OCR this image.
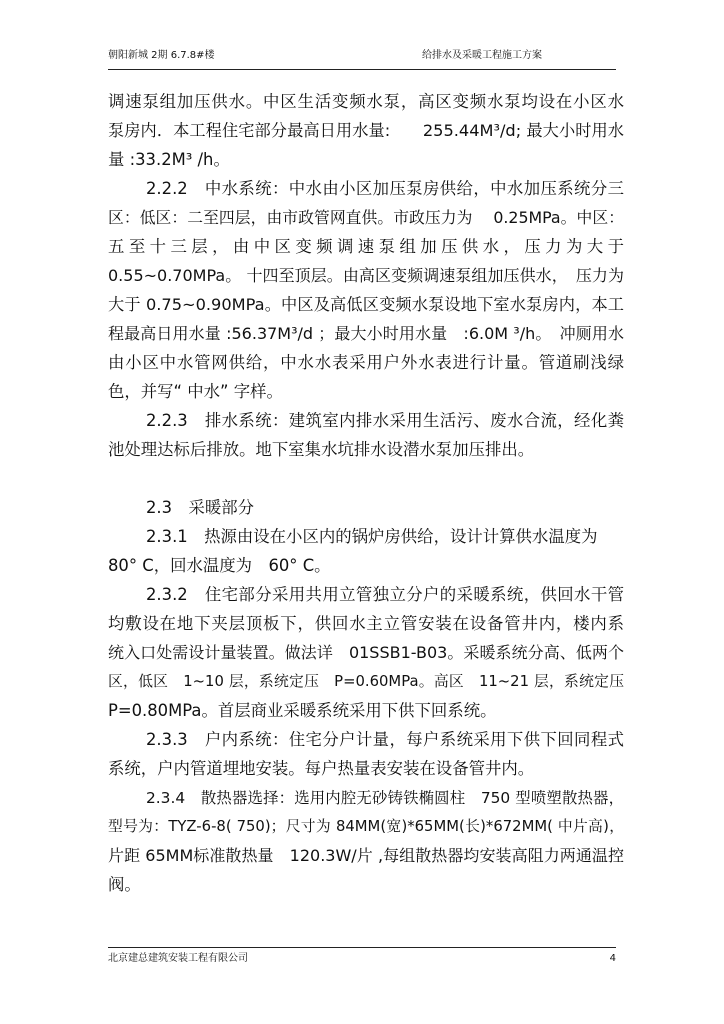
朝阳新城 2期 6.7.8#楼	给排水及采暖工程施工方案
调速泵组加压供水。中区生活变频水泵，高区变频水泵均设在小区水
泵房内．本工程住宅部分最高日用水量:　　255.44M³/d; 最大小时用水
量 :33.2M³ /h。
2.2.2　中水系统：中水由小区加压泵房供给，中水加压系统分三
区：低区：二至四层，由市政管网直供。市政压力为　 0.25MPa。中区：
五至十三层，由中区变频调速泵组加压供水，压力为大于
0.55~0.70MPa。 十四至顶层。由高区变频调速泵组加压供水，　压力为
大于 0.75~0.90MPa。中区及高低区变频水泵设地下室水泵房内，本工
程最高日用水量 :56.37M³/d ；最大小时用水量　:6.0M ³/h。　冲厕用水
由小区中水管网供给，中水水表采用户外水表进行计量。管道刷浅绿
色，并写“ 中水” 字样。
2.2.3　排水系统：建筑室内排水采用生活污、废水合流，经化粪
池处理达标后排放。地下室集水坑排水设潜水泵加压排出。
2.3　采暖部分
2.3.1　热源由设在小区内的锅炉房供给，设计计算供水温度为
80° C，回水温度为　60° C。
2.3.2　住宅部分采用共用立管独立分户的采暖系统，供回水干管
均敷设在地下夹层顶板下，供回水主立管安装在设备管井内，楼内系
统入口处需设计量装置。做法详　01SSB1-B03。采暖系统分高、低两个
区，低区　1~10 层，系统定压　P=0.60MPa。高区　11~21 层，系统定压
P=0.80MPa。首层商业采暖系统采用下供下回系统。
2.3.3　户内系统：住宅分户计量，每户系统采用下供下回同程式
系统，户内管道埋地安装。每户热量表安装在设备管井内。
2.3.4　散热器选择：选用内腔无砂铸铁椭圆柱　750 型喷塑散热器，
型号为：TYZ-6-8( 750)；尺寸为 84MM(宽)*65MM(长)*672MM( 中片高)，
片距 65MM标准散热量　120.3W/片 ,每组散热器均安装高阻力两通温控
阀。
北京建总建筑安装工程有限公司	4
